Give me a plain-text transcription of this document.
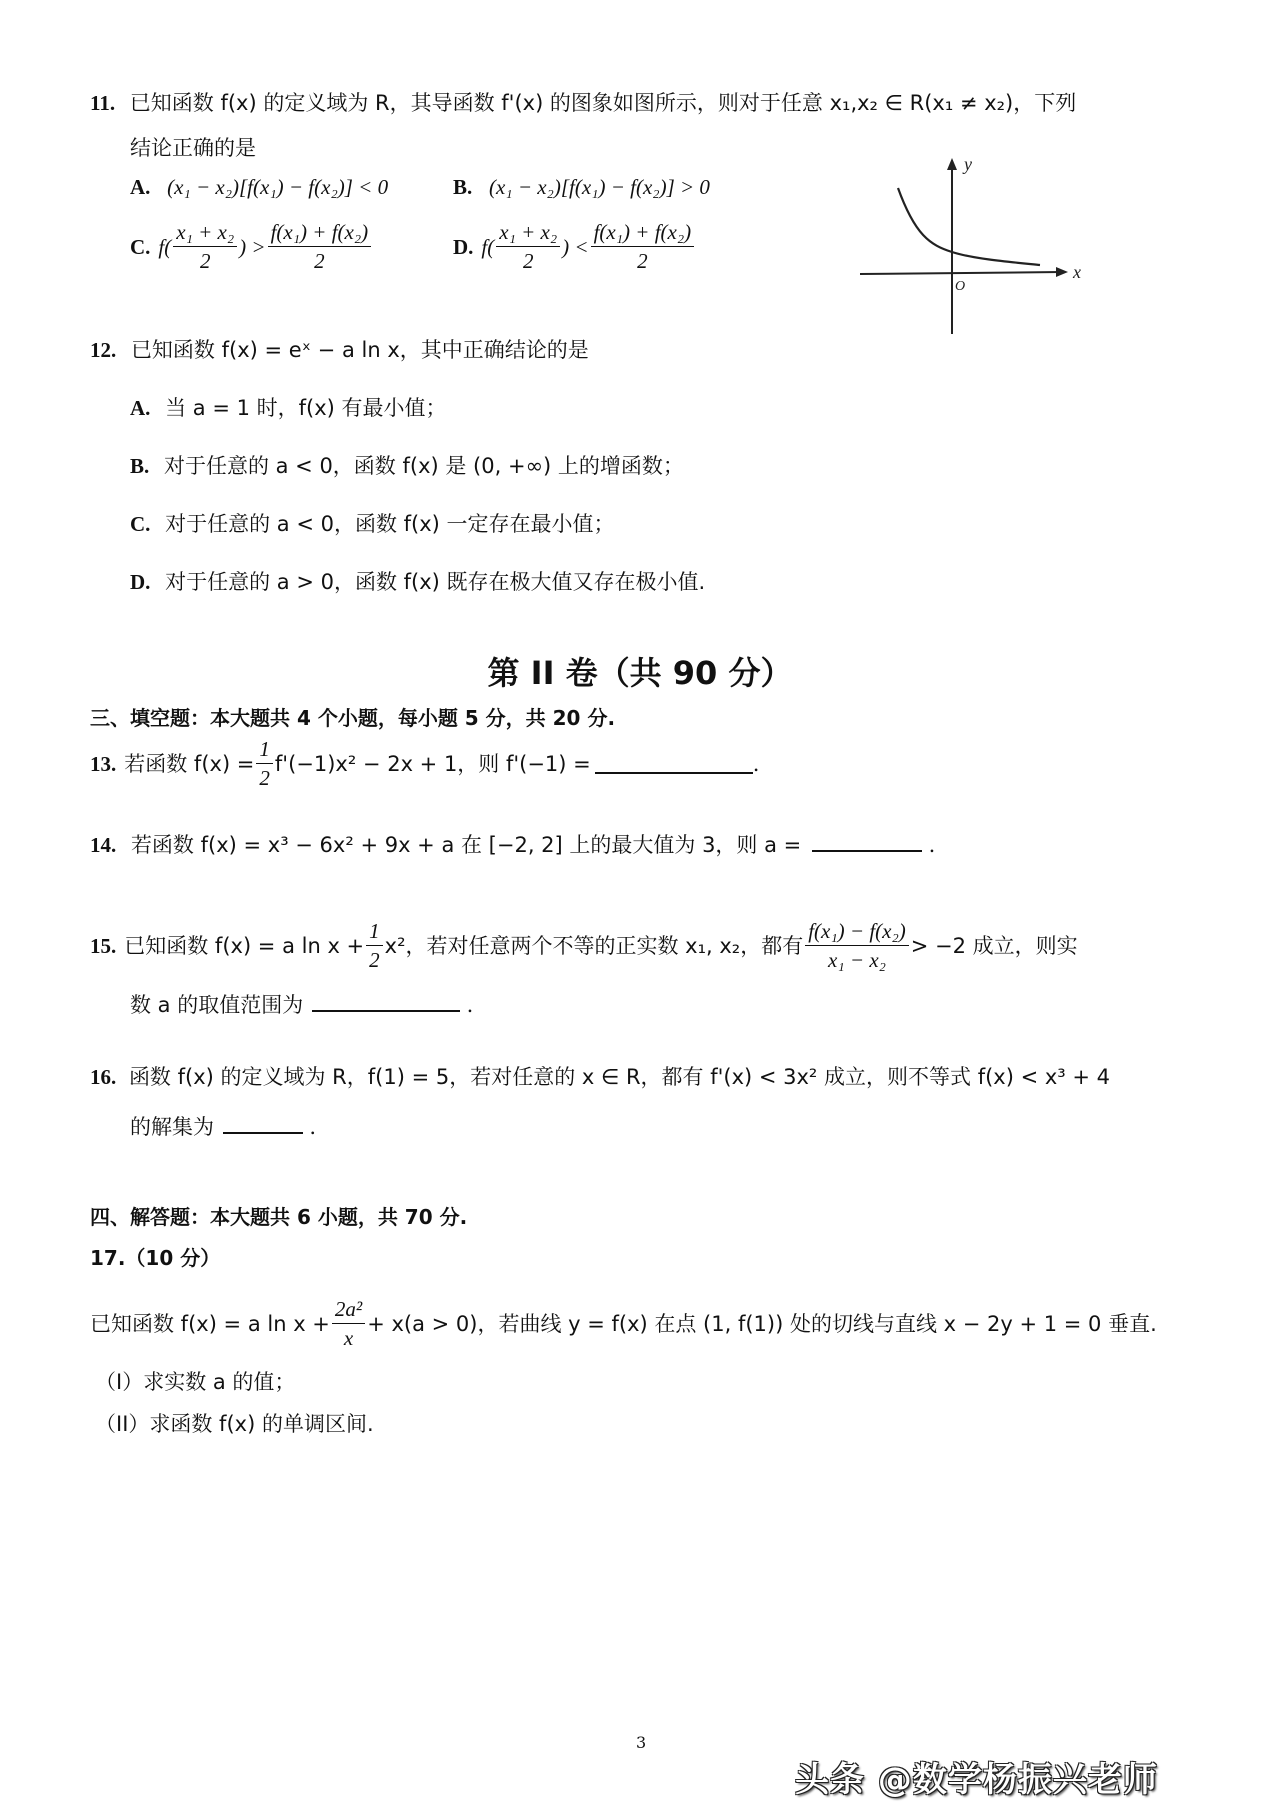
11. 已知函数 f(x) 的定义域为 R，其导函数 f'(x) 的图象如图所示，则对于任意 x₁,x₂ ∈ R(x₁ ≠ x₂)，下列
结论正确的是
A. (x₁ − x₂)[f(x₁) − f(x₂)] < 0	B. (x₁ − x₂)[f(x₁) − f(x₂)] > 0
C. $f( \frac{\text{x₁ + x₂}}{2}$ ) > $\frac{\text{f(x₁) + f(x₂)}}{2}$	D. $f( \frac{\text{x₁ + x₂}}{2}$ ) < $\frac{\text{f(x₁) + f(x₂)}}{2}$
y
x
O
12. 已知函数 f(x) = eˣ − a ln x，其中正确结论的是
A. 当 a = 1 时，f(x) 有最小值；
B. 对于任意的 a < 0，函数 f(x) 是 (0, +∞) 上的增函数；
C. 对于任意的 a < 0，函数 f(x) 一定存在最小值；
D. 对于任意的 a > 0，函数 f(x) 既存在极大值又存在极小值.
第 II 卷（共 90 分）
三、填空题：本大题共 4 个小题，每小题 5 分，共 20 分.
13. 若函数 $f(x) = \frac{1}{2} f'(-1)x^2 - 2x + 1$，则 f'(−1) =	.
14. 若函数 f(x) = x³ − 6x² + 9x + a 在 [−2, 2] 上的最大值为 3，则 a =	.
15. 已知函数 f(x) = a $\ln x + \frac{1}{2} x^2$，若对任意两个不等的正实数 x₁, x₂，都有 $\frac{\text{f(x₁) − f(x₂)}}{\text{x₁ − x₂}} > -2$ 成立，则实
数 a 的取值范围为	.
16. 函数 f(x) 的定义域为 R，f(1) = 5，若对任意的 x ∈ R，都有 f'(x) < 3x² 成立，则不等式 f(x) < x³ + 4
的解集为	.
四、解答题：本大题共 6 小题，共 70 分.
17.（10 分）
已知函数 f(x) = a $\ln x + \frac{\text{2a²}}{x} + x(a > 0)$，若曲线 y = f(x) 在点 (1, f(1)) 处的切线与直线 x − 2y + 1 = 0 垂直.
（I）求实数 a 的值；
（II）求函数 f(x) 的单调区间.
3
头条 @数学杨振兴老师
